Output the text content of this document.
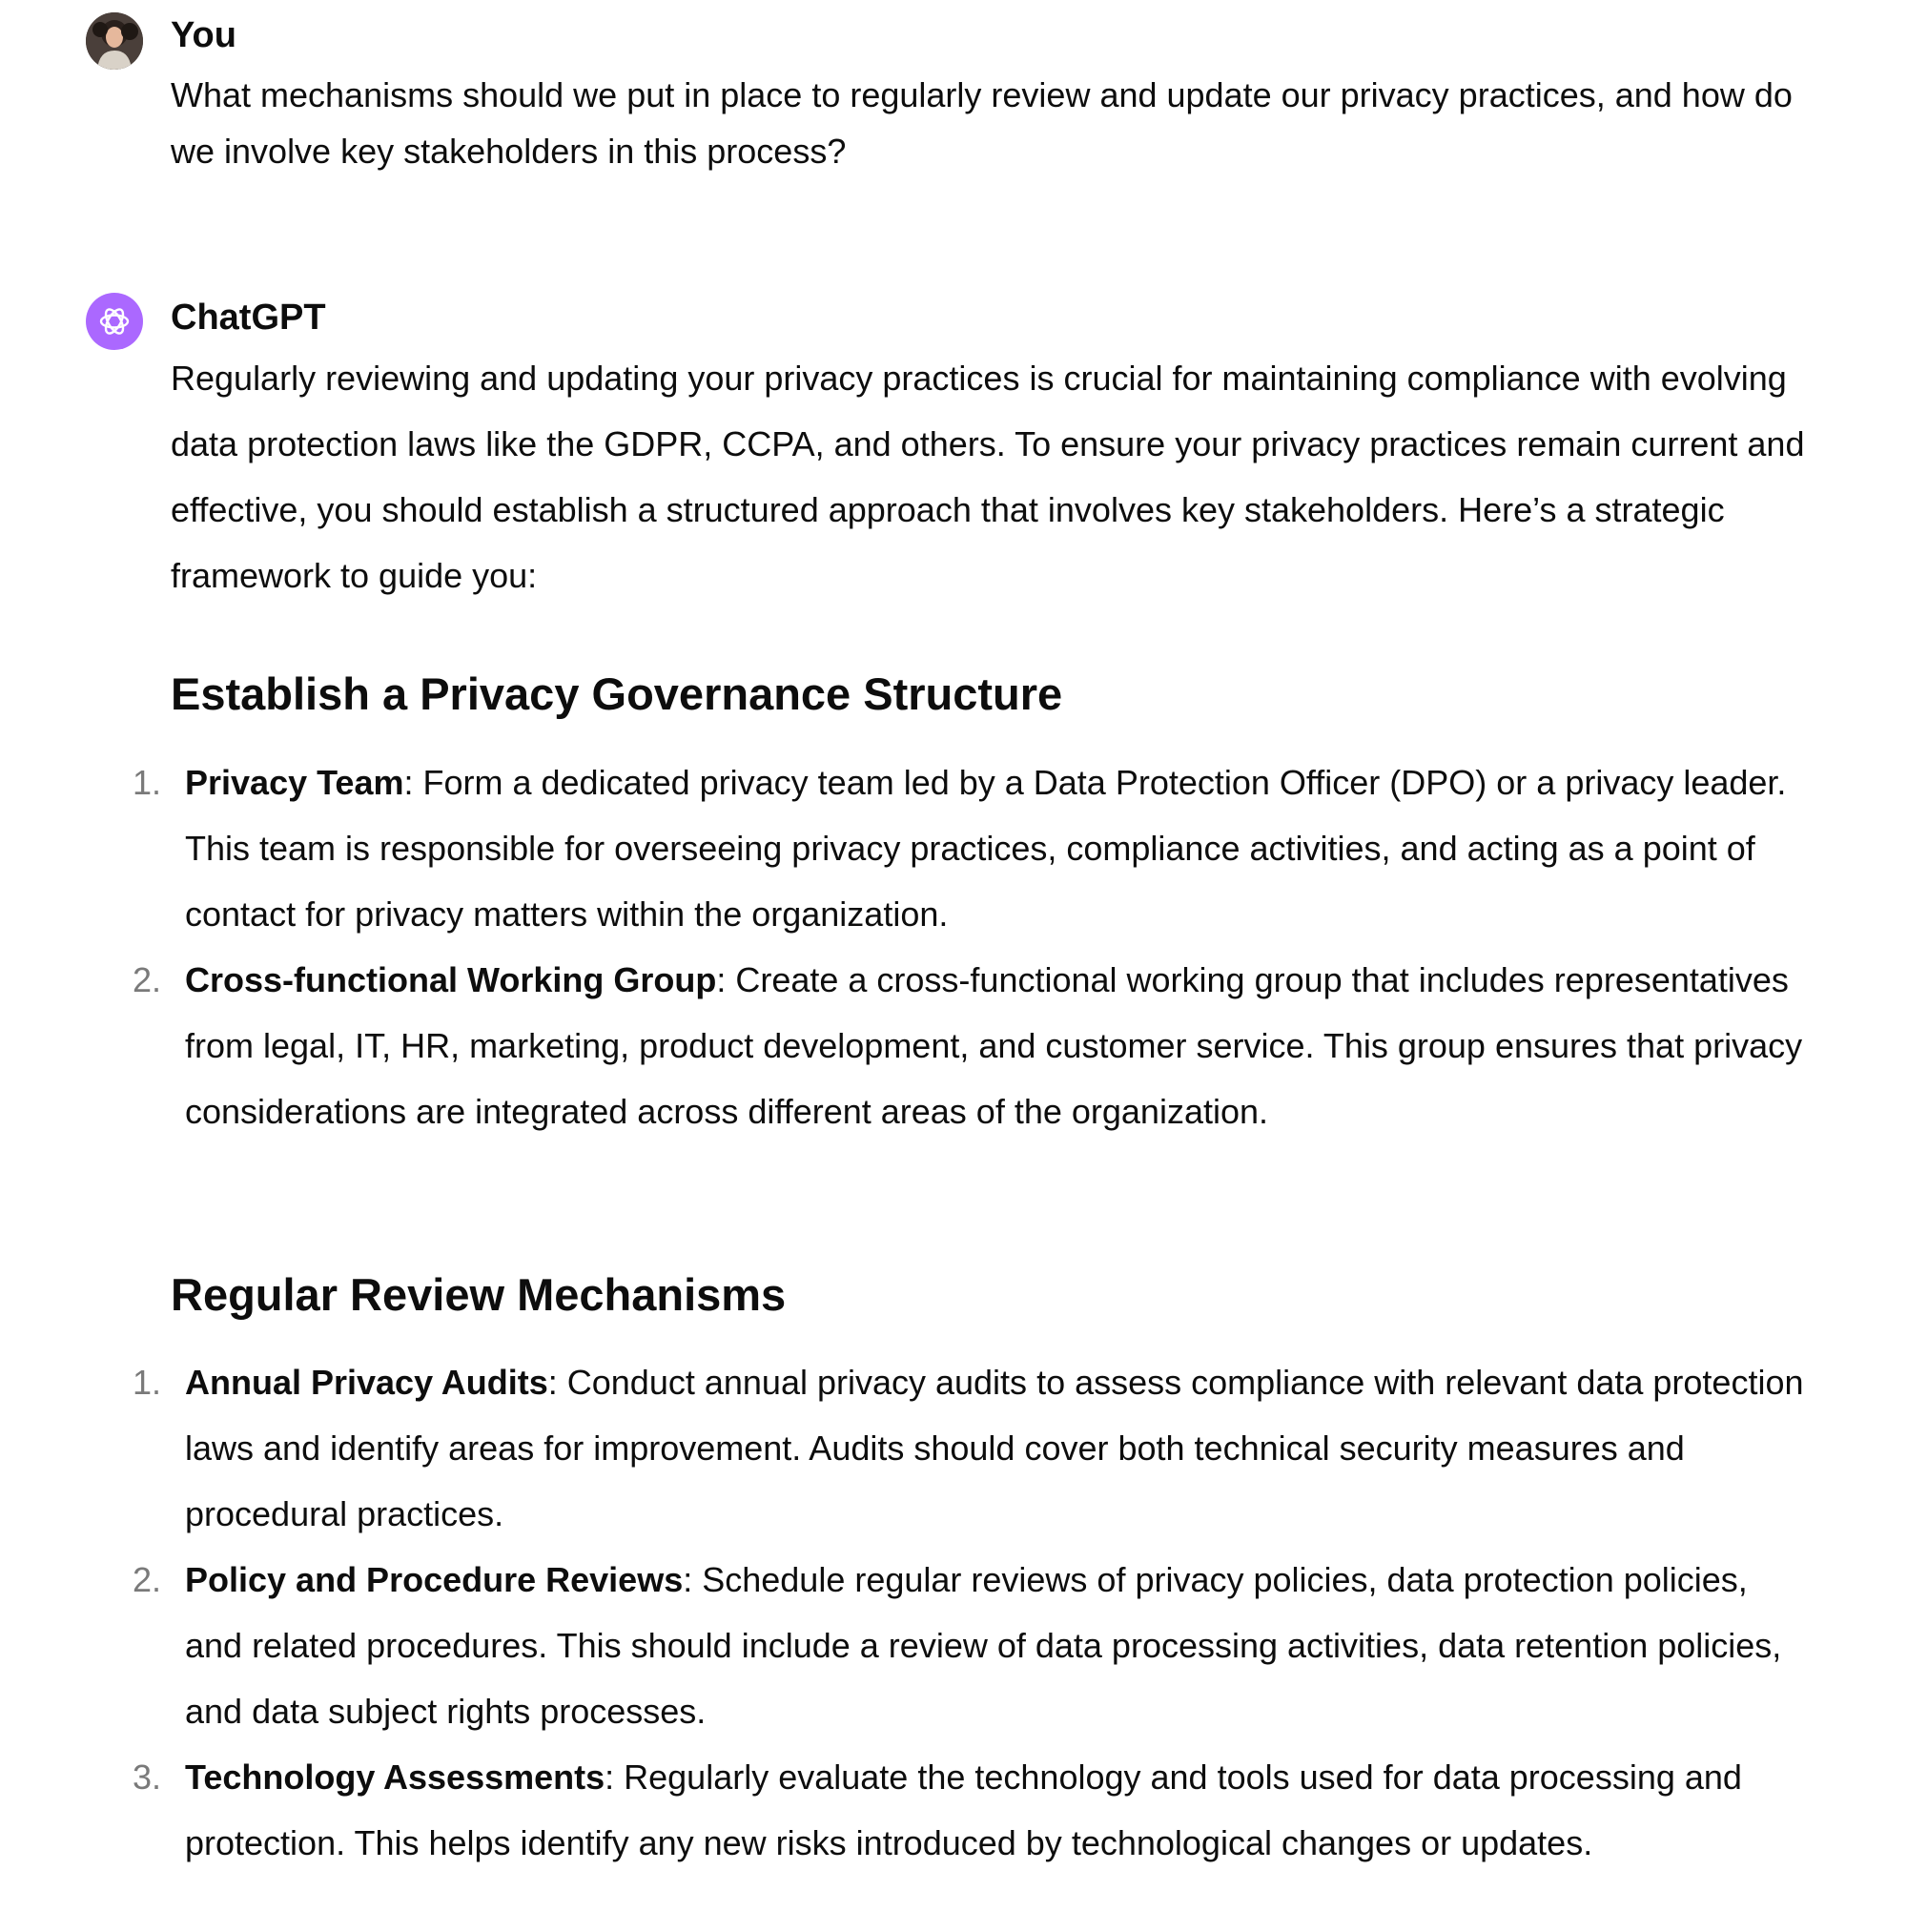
You

What mechanisms should we put in place to regularly review and update our privacy practices, and how do we involve key stakeholders in this process?

ChatGPT

Regularly reviewing and updating your privacy practices is crucial for maintaining compliance with evolving data protection laws like the GDPR, CCPA, and others. To ensure your privacy practices remain current and effective, you should establish a structured approach that involves key stakeholders. Here’s a strategic framework to guide you:

Establish a Privacy Governance Structure
1. Privacy Team: Form a dedicated privacy team led by a Data Protection Officer (DPO) or a privacy leader. This team is responsible for overseeing privacy practices, compliance activities, and acting as a point of contact for privacy matters within the organization.
2. Cross-functional Working Group: Create a cross-functional working group that includes representatives from legal, IT, HR, marketing, product development, and customer service. This group ensures that privacy considerations are integrated across different areas of the organization.
Regular Review Mechanisms
1. Annual Privacy Audits: Conduct annual privacy audits to assess compliance with relevant data protection laws and identify areas for improvement. Audits should cover both technical security measures and procedural practices.
2. Policy and Procedure Reviews: Schedule regular reviews of privacy policies, data protection policies, and related procedures. This should include a review of data processing activities, data retention policies, and data subject rights processes.
3. Technology Assessments: Regularly evaluate the technology and tools used for data processing and protection. This helps identify any new risks introduced by technological changes or updates.
